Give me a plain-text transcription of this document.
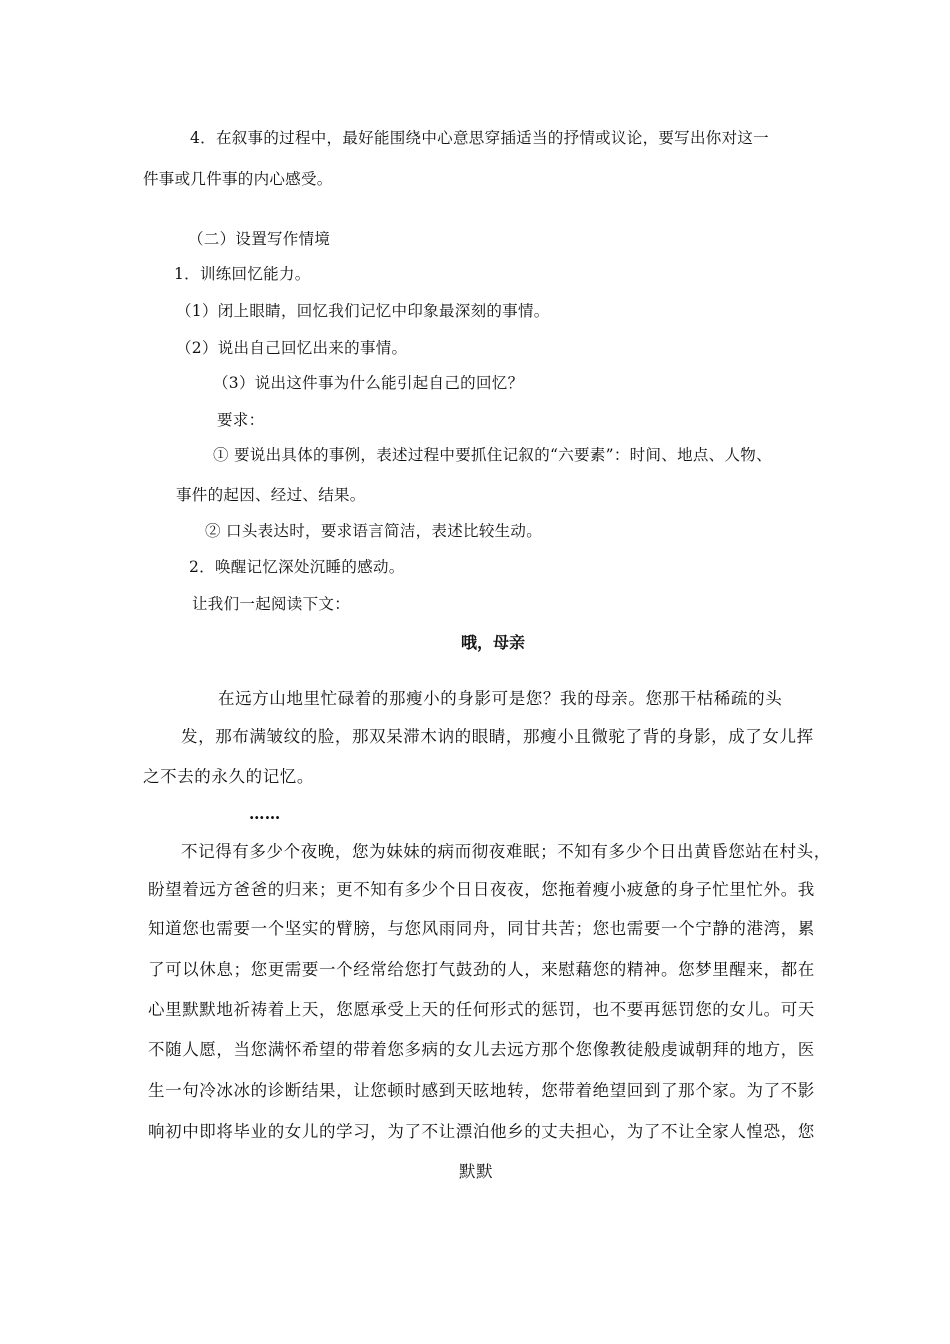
4．在叙事的过程中，最好能围绕中心意思穿插适当的抒情或议论，要写出你对这一
件事或几件事的内心感受。
（二）设置写作情境
1．训练回忆能力。
（1）闭上眼睛，回忆我们记忆中印象最深刻的事情。
（2）说出自己回忆出来的事情。
（3）说出这件事为什么能引起自己的回忆？
要求：
① 要说出具体的事例，表述过程中要抓住记叙的“六要素”：时间、地点、人物、
事件的起因、经过、结果。
② 口头表达时，要求语言简洁，表述比较生动。
2．唤醒记忆深处沉睡的感动。
让我们一起阅读下文：
哦，母亲
在远方山地里忙碌着的那瘦小的身影可是您？我的母亲。您那干枯稀疏的头
发，那布满皱纹的脸，那双呆滞木讷的眼睛，那瘦小且微驼了背的身影，成了女儿挥
之不去的永久的记忆。
……
不记得有多少个夜晚，您为妹妹的病而彻夜难眠；不知有多少个日出黄昏您站在村头，
盼望着远方爸爸的归来；更不知有多少个日日夜夜，您拖着瘦小疲惫的身子忙里忙外。我
知道您也需要一个坚实的臂膀，与您风雨同舟，同甘共苦；您也需要一个宁静的港湾，累
了可以休息；您更需要一个经常给您打气鼓劲的人，来慰藉您的精神。您梦里醒来，都在
心里默默地祈祷着上天，您愿承受上天的任何形式的惩罚，也不要再惩罚您的女儿。可天
不随人愿，当您满怀希望的带着您多病的女儿去远方那个您像教徒般虔诚朝拜的地方，医
生一句冷冰冰的诊断结果，让您顿时感到天昡地转，您带着绝望回到了那个家。为了不影
响初中即将毕业的女儿的学习，为了不让漂泊他乡的丈夫担心，为了不让全家人惶恐，您
默默
